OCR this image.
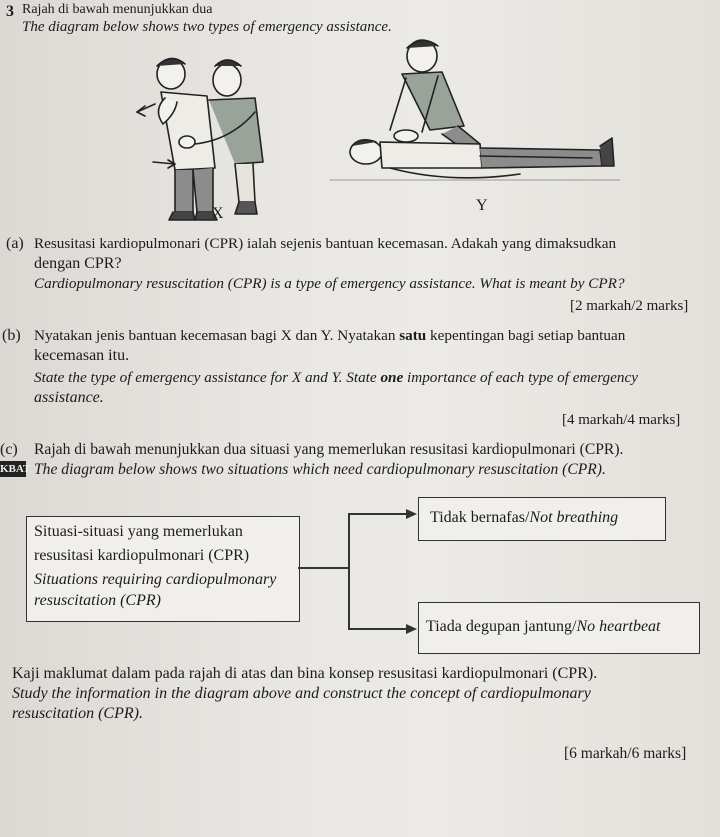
3 Rajah di bawah menunjukkan dua
The diagram below shows two types of emergency assistance.
X	Y
(a) Resusitasi kardiopulmonari (CPR) ialah sejenis bantuan kecemasan. Adakah yang dimaksudkan
dengan CPR?
Cardiopulmonary resuscitation (CPR) is a type of emergency assistance. What is meant by CPR?
[2 markah/2 marks]
(b) Nyatakan jenis bantuan kecemasan bagi X dan Y. Nyatakan satu kepentingan bagi setiap bantuan
kecemasan itu.
State the type of emergency assistance for X and Y. State one importance of each type of emergency
assistance.
[4 markah/4 marks]
(c) Rajah di bawah menunjukkan dua situasi yang memerlukan resusitasi kardiopulmonari (CPR).
KBAT The diagram below shows two situations which need cardiopulmonary resuscitation (CPR).
Situasi-situasi yang memerlukan
resusitasi kardiopulmonari (CPR)
Situations requiring cardiopulmonary
resuscitation (CPR)
Tidak bernafas/Not breathing
Tiada degupan jantung/No heartbeat
Kaji maklumat dalam pada rajah di atas dan bina konsep resusitasi kardiopulmonari (CPR).
Study the information in the diagram above and construct the concept of cardiopulmonary
resuscitation (CPR).
[6 markah/6 marks]
